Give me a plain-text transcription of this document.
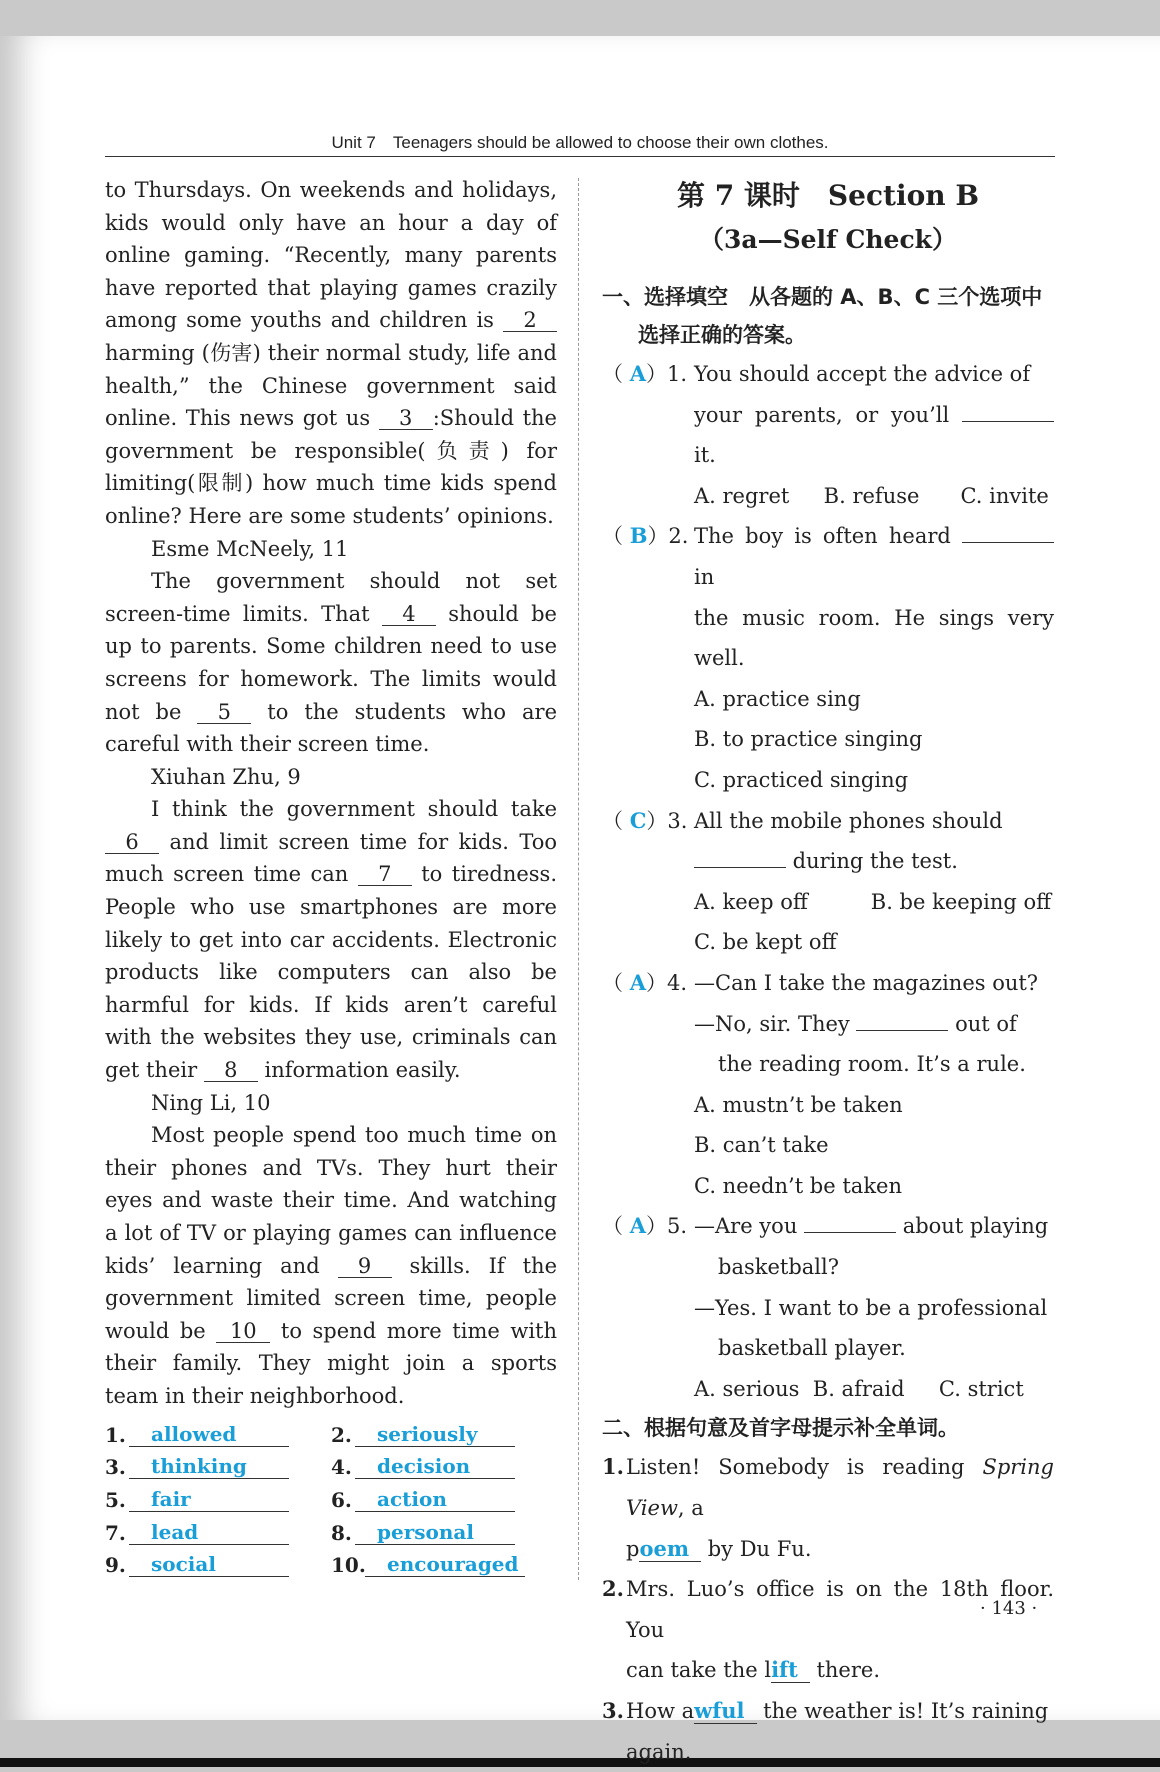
Unit 7　Teenagers should be allowed to choose their own clothes.

to Thursdays. On weekends and holidays, kids would only have an hour a day of online gaming. “Recently, many parents have reported that playing games crazily among some youths and children is 2 harming (伤害) their normal study, life and health,” the Chinese government said online. This news got us 3 :Should the government be responsible(负责) for limiting(限制) how much time kids spend online? Here are some students’ opinions.

Esme McNeely, 11

The government should not set screen-time limits. That 4 should be up to parents. Some children need to use screens for homework. The limits would not be 5 to the students who are careful with their screen time.

Xiuhan Zhu, 9

I think the government should take 6 and limit screen time for kids. Too much screen time can 7 to tiredness. People who use smartphones are more likely to get into car accidents. Electronic products like computers can also be harmful for kids. If kids aren’t careful with the websites they use, criminals can get their 8 information easily.

Ning Li, 10

Most people spend too much time on their phones and TVs. They hurt their eyes and waste their time. And watching a lot of TV or playing games can influence kids’ learning and 9 skills. If the government limited screen time, people would be 10 to spend more time with their family. They might join a sports team in their neighborhood.

1.	allowed	2.	seriously
3.	thinking	4.	decision
5.	fair	6.	action
7.	lead	8.	personal
9.	social	10.	encouraged
第 7 课时　Section B
（3a—Self Check）
一、选择填空　从各题的 A、B、C 三个选项中
选择正确的答案。
（ A）1. You should accept the advice of
your parents, or you’ll  it.
A. regret　  B. refuse　   C. invite
（ B）2. The boy is often heard  in
the music room. He sings very well.
A. practice sing
B. to practice singing
C. practiced singing
（ C）3. All the mobile phones should
during the test.
A. keep off　　　B. be keeping off
C. be kept off
（ A）4. —Can I take the magazines out?
—No, sir. They	out of
the reading room. It’s a rule.
A. mustn’t be taken
B. can’t take
C. needn’t be taken
（ A）5. —Are you	about playing
basketball?
—Yes. I want to be a professional
basketball player.
A. serious  B. afraid　  C. strict
二、根据句意及首字母提示补全单词。
1. Listen! Somebody is reading Spring View, a
poem by Du Fu.
2. Mrs. Luo’s office is on the 18th floor. You
can take the lift there.
3. How awful the weather is! It’s raining
again.
· 143 ·
